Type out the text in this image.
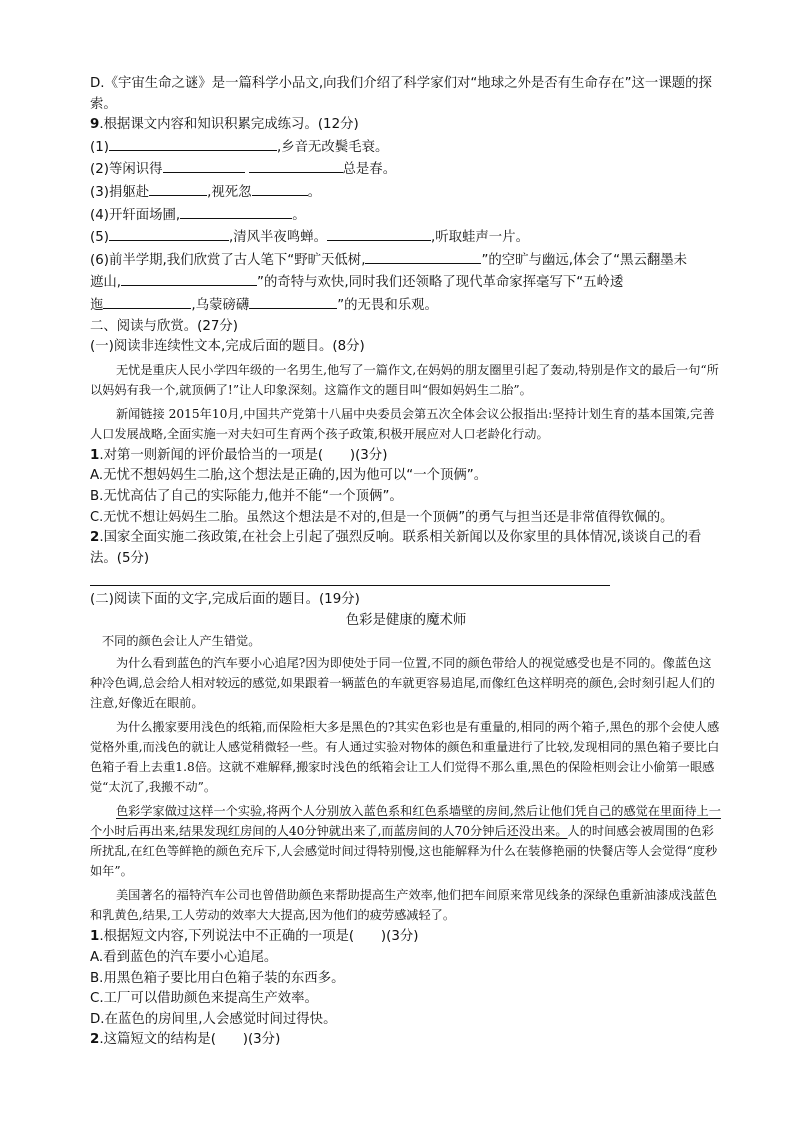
D.《宇宙生命之谜》是一篇科学小品文,向我们介绍了科学家们对“地球之外是否有生命存在”这一课题的探索。
9.根据课文内容和知识积累完成练习。(12分)
(1)	,乡音无改鬓毛衰。
(2)等闲识得	总是春。
(3)捐躯赴	,视死忽	。
(4)开轩面场圃,	。
(5)	,清风半夜鸣蝉。	,听取蛙声一片。
(6)前半学期,我们欣赏了古人笔下“野旷天低树,	”的空旷与幽远,体会了“黑云翻墨未
遮山,	”的奇特与欢快,同时我们还领略了现代革命家挥毫写下“五岭逶
迤	,乌蒙磅礴	”的无畏和乐观。
二、阅读与欣赏。(27分)
(一)阅读非连续性文本,完成后面的题目。(8分)
无忧是重庆人民小学四年级的一名男生,他写了一篇作文,在妈妈的朋友圈里引起了轰动,特别是作文的最后一句“所以妈妈有我一个,就顶俩了!”让人印象深刻。这篇作文的题目叫“假如妈妈生二胎”。
新闻链接 2015年10月,中国共产党第十八届中央委员会第五次全体会议公报指出:坚持计划生育的基本国策,完善人口发展战略,全面实施一对夫妇可生育两个孩子政策,积极开展应对人口老龄化行动。
1.对第一则新闻的评价最恰当的一项是(　　)(3分)
A.无忧不想妈妈生二胎,这个想法是正确的,因为他可以“一个顶俩”。
B.无忧高估了自己的实际能力,他并不能“一个顶俩”。
C.无忧不想让妈妈生二胎。虽然这个想法是不对的,但是一个顶俩”的勇气与担当还是非常值得钦佩的。
2.国家全面实施二孩政策,在社会上引起了强烈反响。联系相关新闻以及你家里的具体情况,谈谈自己的看法。(5分)
(二)阅读下面的文字,完成后面的题目。(19分)
色彩是健康的魔术师
不同的颜色会让人产生错觉。
为什么看到蓝色的汽车要小心追尾?因为即使处于同一位置,不同的颜色带给人的视觉感受也是不同的。像蓝色这种冷色调,总会给人相对较远的感觉,如果跟着一辆蓝色的车就更容易追尾,而像红色这样明亮的颜色,会时刻引起人们的注意,好像近在眼前。
为什么搬家要用浅色的纸箱,而保险柜大多是黑色的?其实色彩也是有重量的,相同的两个箱子,黑色的那个会使人感觉格外重,而浅色的就让人感觉稍微轻一些。有人通过实验对物体的颜色和重量进行了比较,发现相同的黑色箱子要比白色箱子看上去重1.8倍。这就不难解释,搬家时浅色的纸箱会让工人们觉得不那么重,黑色的保险柜则会让小偷第一眼感觉“太沉了,我搬不动”。
色彩学家做过这样一个实验,将两个人分别放入蓝色系和红色系墙壁的房间,然后让他们凭自己的感觉在里面待上一个小时后再出来,结果发现红房间的人40分钟就出来了,而蓝房间的人70分钟后还没出来。人的时间感会被周围的色彩所扰乱,在红色等鲜艳的颜色充斥下,人会感觉时间过得特别慢,这也能解释为什么在装修艳丽的快餐店等人会觉得“度秒如年”。
美国著名的福特汽车公司也曾借助颜色来帮助提高生产效率,他们把车间原来常见线条的深绿色重新油漆成浅蓝色和乳黄色,结果,工人劳动的效率大大提高,因为他们的疲劳感减轻了。
1.根据短文内容,下列说法中不正确的一项是(　　)(3分)
A.看到蓝色的汽车要小心追尾。
B.用黑色箱子要比用白色箱子装的东西多。
C.工厂可以借助颜色来提高生产效率。
D.在蓝色的房间里,人会感觉时间过得快。
2.这篇短文的结构是(　　)(3分)
